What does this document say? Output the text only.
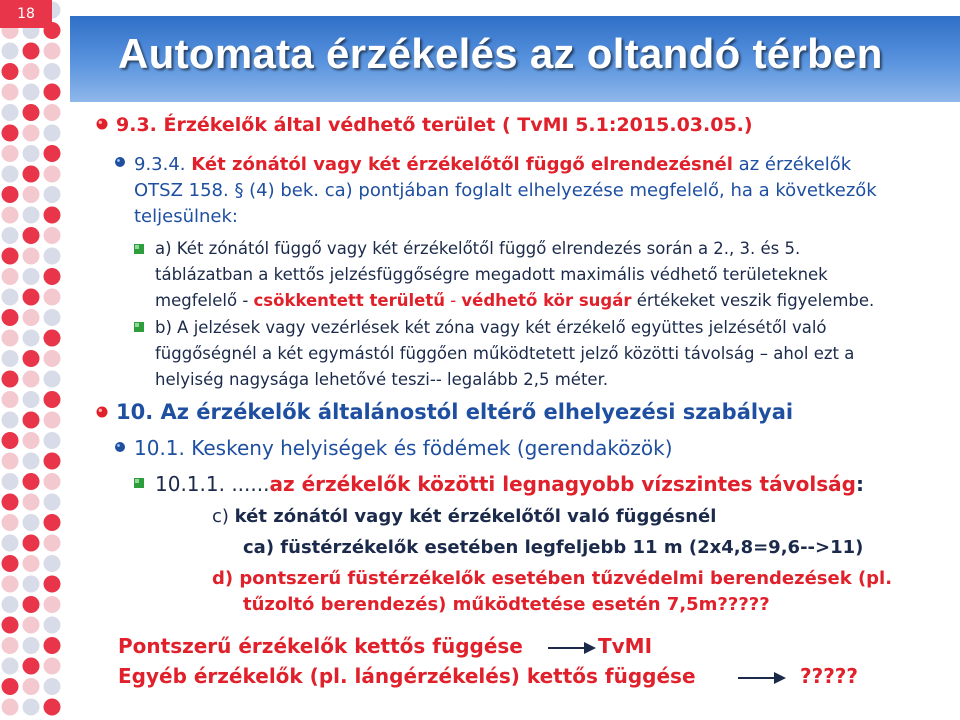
18
Automata érzékelés az oltandó térben
9.3. Érzékelők által védhető terület ( TvMI 5.1:2015.03.05.)
9.3.4. Két zónától vagy két érzékelőtől függő elrendezésnél az érzékelők
OTSZ 158. § (4) bek. ca) pontjában foglalt elhelyezése megfelelő, ha a következők
teljesülnek:
a) Két zónától függő vagy két érzékelőtől függő elrendezés során a 2., 3. és 5.
táblázatban a kettős jelzésfüggőségre megadott maximális védhető területeknek
megfelelő - csökkentett területű - védhető kör sugár értékeket veszik figyelembe.
b) A jelzések vagy vezérlések két zóna vagy két érzékelő együttes jelzésétől való
függőségnél a két egymástól függően működtetett jelző közötti távolság – ahol ezt a
helyiség nagysága lehetővé teszi-- legalább 2,5 méter.
10. Az érzékelők általánostól eltérő elhelyezési szabályai
10.1. Keskeny helyiségek és födémek (gerendaközök)
10.1.1. ......az érzékelők közötti legnagyobb vízszintes távolság:
c) két zónától vagy két érzékelőtől való függésnél
ca) füstérzékelők esetében legfeljebb 11 m (2x4,8=9,6-->11)
d) pontszerű füstérzékelők esetében tűzvédelmi berendezések (pl.
tűzoltó berendezés) működtetése esetén 7,5m?????
Pontszerű érzékelők kettős függése	TvMI
Egyéb érzékelők (pl. lángérzékelés) kettős függése	?????
